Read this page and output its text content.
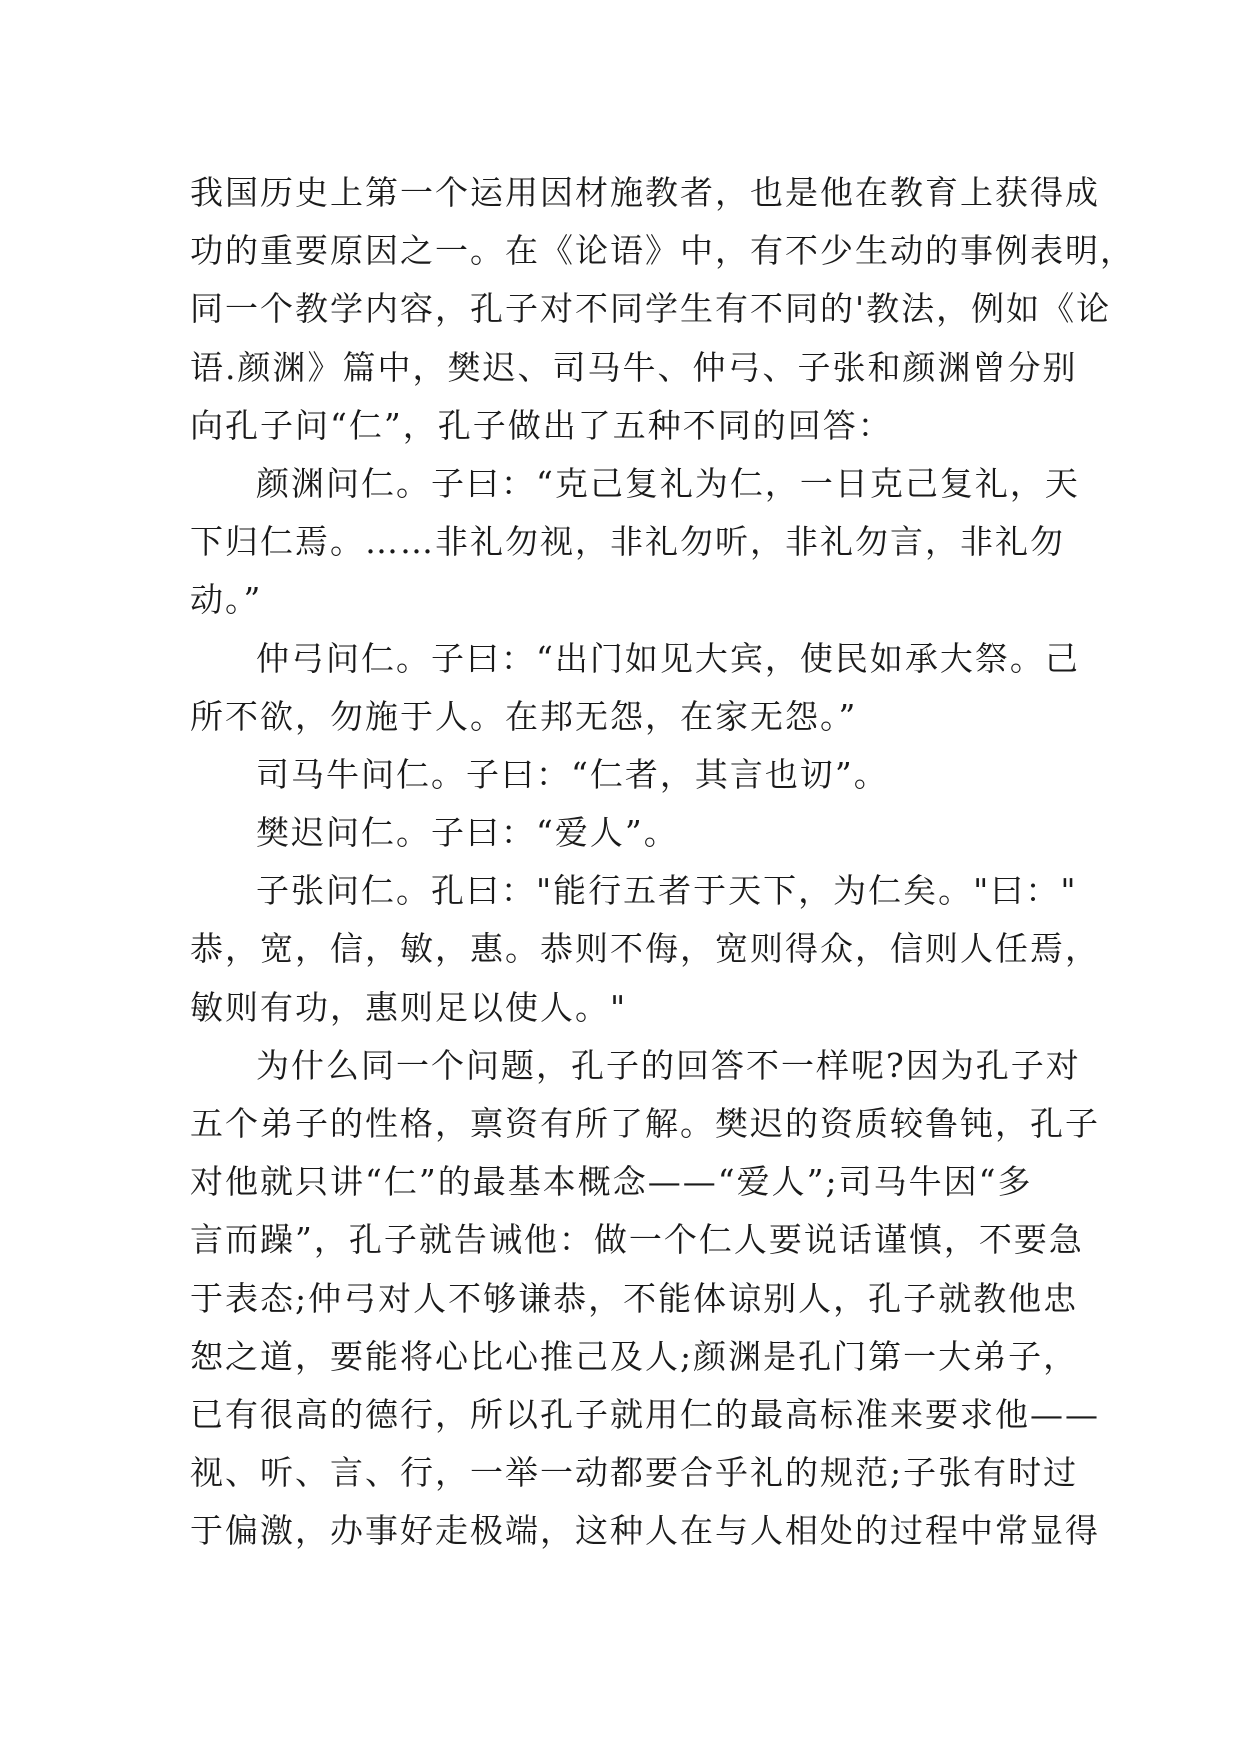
我国历史上第一个运用因材施教者，也是他在教育上获得成

功的重要原因之一。在《论语》中，有不少生动的事例表明，

同一个教学内容，孔子对不同学生有不同的'教法，例如《论

语.颜渊》篇中，樊迟、司马牛、仲弓、子张和颜渊曾分别

向孔子问“仁”，孔子做出了五种不同的回答：

颜渊问仁。子曰：“克己复礼为仁，一日克己复礼，天

下归仁焉。……非礼勿视，非礼勿听，非礼勿言，非礼勿

动。”

仲弓问仁。子曰：“出门如见大宾，使民如承大祭。己

所不欲，勿施于人。在邦无怨，在家无怨。”

司马牛问仁。子曰：“仁者，其言也讱”。

樊迟问仁。子曰：“爱人”。

子张问仁。孔曰："能行五者于天下，为仁矣。"曰："

恭，宽，信，敏，惠。恭则不侮，宽则得众，信则人任焉，

敏则有功，惠则足以使人。"

为什么同一个问题，孔子的回答不一样呢?因为孔子对

五个弟子的性格，禀资有所了解。樊迟的资质较鲁钝，孔子

对他就只讲“仁”的最基本概念——“爱人”;司马牛因“多

言而躁”，孔子就告诫他：做一个仁人要说话谨慎，不要急

于表态;仲弓对人不够谦恭，不能体谅别人，孔子就教他忠

恕之道，要能将心比心推己及人;颜渊是孔门第一大弟子，

已有很高的德行，所以孔子就用仁的最高标准来要求他——

视、听、言、行，一举一动都要合乎礼的规范;子张有时过

于偏激，办事好走极端，这种人在与人相处的过程中常显得
